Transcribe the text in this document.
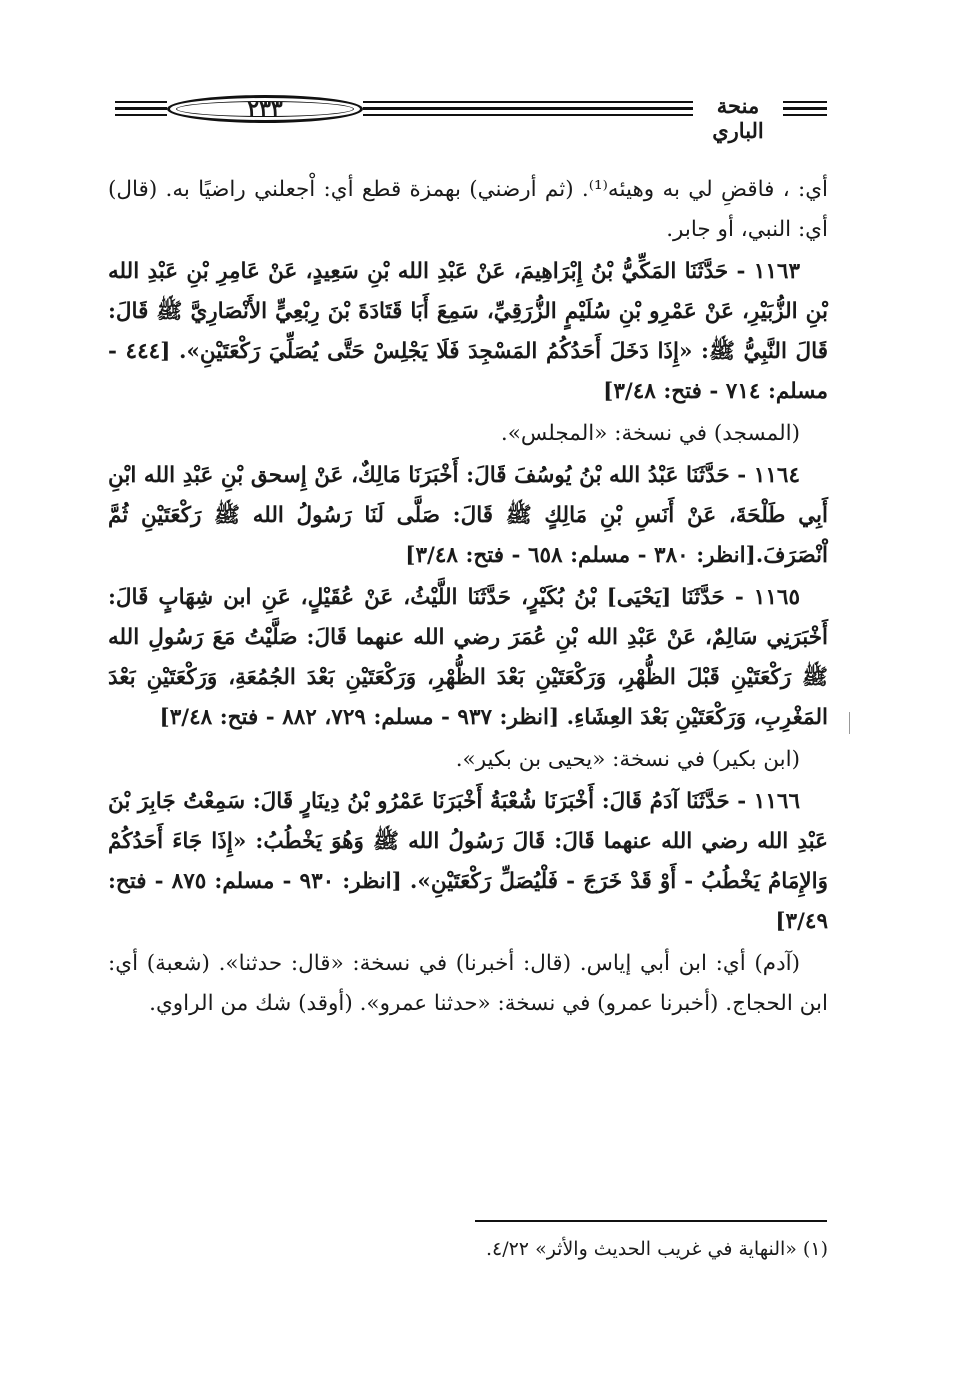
٢٣٣	منحة الباري

أي: ، فاقضِ لي به وهيئه⁽¹⁾. (ثم أرضني) بهمزة قطع أي: اْجعلني راضيًا به. (قال) أي: النبي، أو جابر.

١١٦٣ - حَدَّثَنَا المَكِّيُّ بْنُ إِبْرَاهِيمَ، عَنْ عَبْدِ الله بْنِ سَعِيدٍ، عَنْ عَامِرِ بْنِ عَبْدِ الله بْنِ الزُّبَيْرِ، عَنْ عَمْرِو بْنِ سُلَيْمٍ الزُّرَقِيِّ، سَمِعَ أَبَا قَتَادَةَ بْنَ رِبْعِيٍّ الأَنْصَارِيَّ ﷺ قَالَ: قَالَ النَّبِيُّ ﷺ: «إِذَا دَخَلَ أَحَدُكُمُ المَسْجِدَ فَلَا يَجْلِسْ حَتَّى يُصَلِّيَ رَكْعَتَيْنِ». [٤٤٤ - مسلم: ٧١٤ - فتح: ٣/٤٨]

(المسجد) في نسخة: «المجلس».

١١٦٤ - حَدَّثَنَا عَبْدُ الله بْنُ يُوسُفَ قَالَ: أَخْبَرَنَا مَالِكٌ، عَنْ إِسحق بْنِ عَبْدِ الله ابْنِ أَبِي طَلْحَةَ، عَنْ أَنَسِ بْنِ مَالِكٍ ﷺ قَالَ: صَلَّى لَنَا رَسُولُ الله ﷺ رَكْعَتَيْنِ ثُمَّ اْنْصَرَفَ.[انظر: ٣٨٠ - مسلم: ٦٥٨ - فتح: ٣/٤٨]

١١٦٥ - حَدَّثَنَا [يَحْيَى] بْنُ بُكَيْرٍ، حَدَّثَنَا اللَّيْثُ، عَنْ عُقَيْلٍ، عَنِ ابن شِهَابٍ قَالَ: أَخْبَرَنِي سَالِمٌ، عَنْ عَبْدِ الله بْنِ عُمَرَ رضي الله عنهما قَالَ: صَلَّيْتُ مَعَ رَسُولِ الله ﷺ رَكْعَتَيْنِ قَبْلَ الظُّهْرِ، وَرَكْعَتَيْنِ بَعْدَ الظُّهْرِ، وَرَكْعَتَيْنِ بَعْدَ الجُمُعَةِ، وَرَكْعَتَيْنِ بَعْدَ المَغْرِبِ، وَرَكْعَتَيْنِ بَعْدَ العِشَاءِ. [انظر: ٩٣٧ - مسلم: ٧٢٩، ٨٨٢ - فتح: ٣/٤٨]

(ابن بكير) في نسخة: «يحيى بن بكير».

١١٦٦ - حَدَّثَنَا آدَمُ قَالَ: أَخْبَرَنَا شُعْبَةُ أَخْبَرَنَا عَمْرُو بْنُ دِينَارٍ قَالَ: سَمِعْتُ جَابِرَ بْنَ عَبْدِ الله رضي الله عنهما قَالَ: قَالَ رَسُولُ الله ﷺ وَهُوَ يَخْطُبُ: «إِذَا جَاءَ أَحَدُكُمْ وَالإِمَامُ يَخْطُبُ - أَوْ قَدْ خَرَجَ - فَلْيُصَلِّ رَكْعَتَيْنِ». [انظر: ٩٣٠ - مسلم: ٨٧٥ - فتح: ٣/٤٩]

(آدم) أي: ابن أبي إياس. (قال: أخبرنا) في نسخة: «قال: حدثنا». (شعبة) أي: ابن الحجاج. (أخبرنا عمرو) في نسخة: «حدثنا عمرو». (أوقد) شك من الراوي.

(١) «النهاية في غريب الحديث والأثر» ٤/٢٢.
